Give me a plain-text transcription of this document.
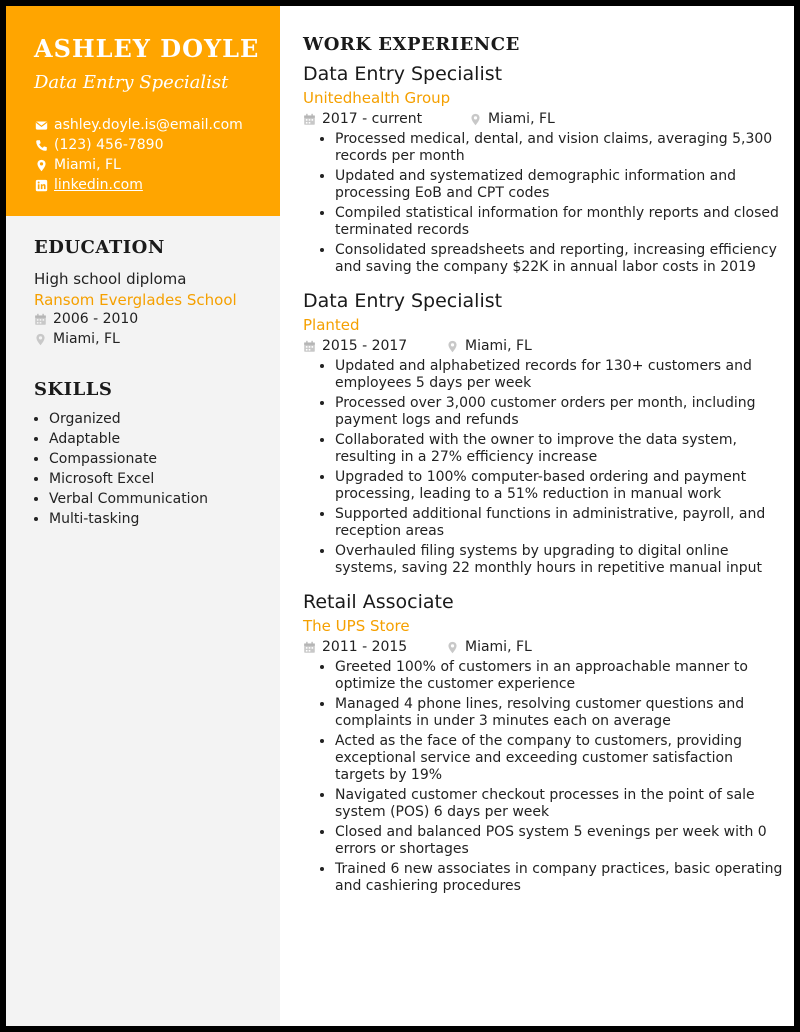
ASHLEY DOYLE
Data Entry Specialist
ashley.doyle.is@email.com
(123) 456-7890
Miami, FL
linkedin.com
EDUCATION
High school diploma
Ransom Everglades School
2006 - 2010
Miami, FL
SKILLS
• Organized
• Adaptable
• Compassionate
• Microsoft Excel
• Verbal Communication
• Multi-tasking
WORK EXPERIENCE
Data Entry Specialist
Unitedhealth Group
2017 - current	Miami, FL
• Processed medical, dental, and vision claims, averaging 5,300 records per month
• Updated and systematized demographic information and processing EoB and CPT codes
• Compiled statistical information for monthly reports and closed terminated records
• Consolidated spreadsheets and reporting, increasing efficiency and saving the company $22K in annual labor costs in 2019
Data Entry Specialist
Planted
2015 - 2017	Miami, FL
• Updated and alphabetized records for 130+ customers and employees 5 days per week
• Processed over 3,000 customer orders per month, including payment logs and refunds
• Collaborated with the owner to improve the data system, resulting in a 27% efficiency increase
• Upgraded to 100% computer-based ordering and payment processing, leading to a 51% reduction in manual work
• Supported additional functions in administrative, payroll, and reception areas
• Overhauled filing systems by upgrading to digital online systems, saving 22 monthly hours in repetitive manual input
Retail Associate
The UPS Store
2011 - 2015	Miami, FL
• Greeted 100% of customers in an approachable manner to optimize the customer experience
• Managed 4 phone lines, resolving customer questions and complaints in under 3 minutes each on average
• Acted as the face of the company to customers, providing exceptional service and exceeding customer satisfaction targets by 19%
• Navigated customer checkout processes in the point of sale system (POS) 6 days per week
• Closed and balanced POS system 5 evenings per week with 0 errors or shortages
• Trained 6 new associates in company practices, basic operating and cashiering procedures
